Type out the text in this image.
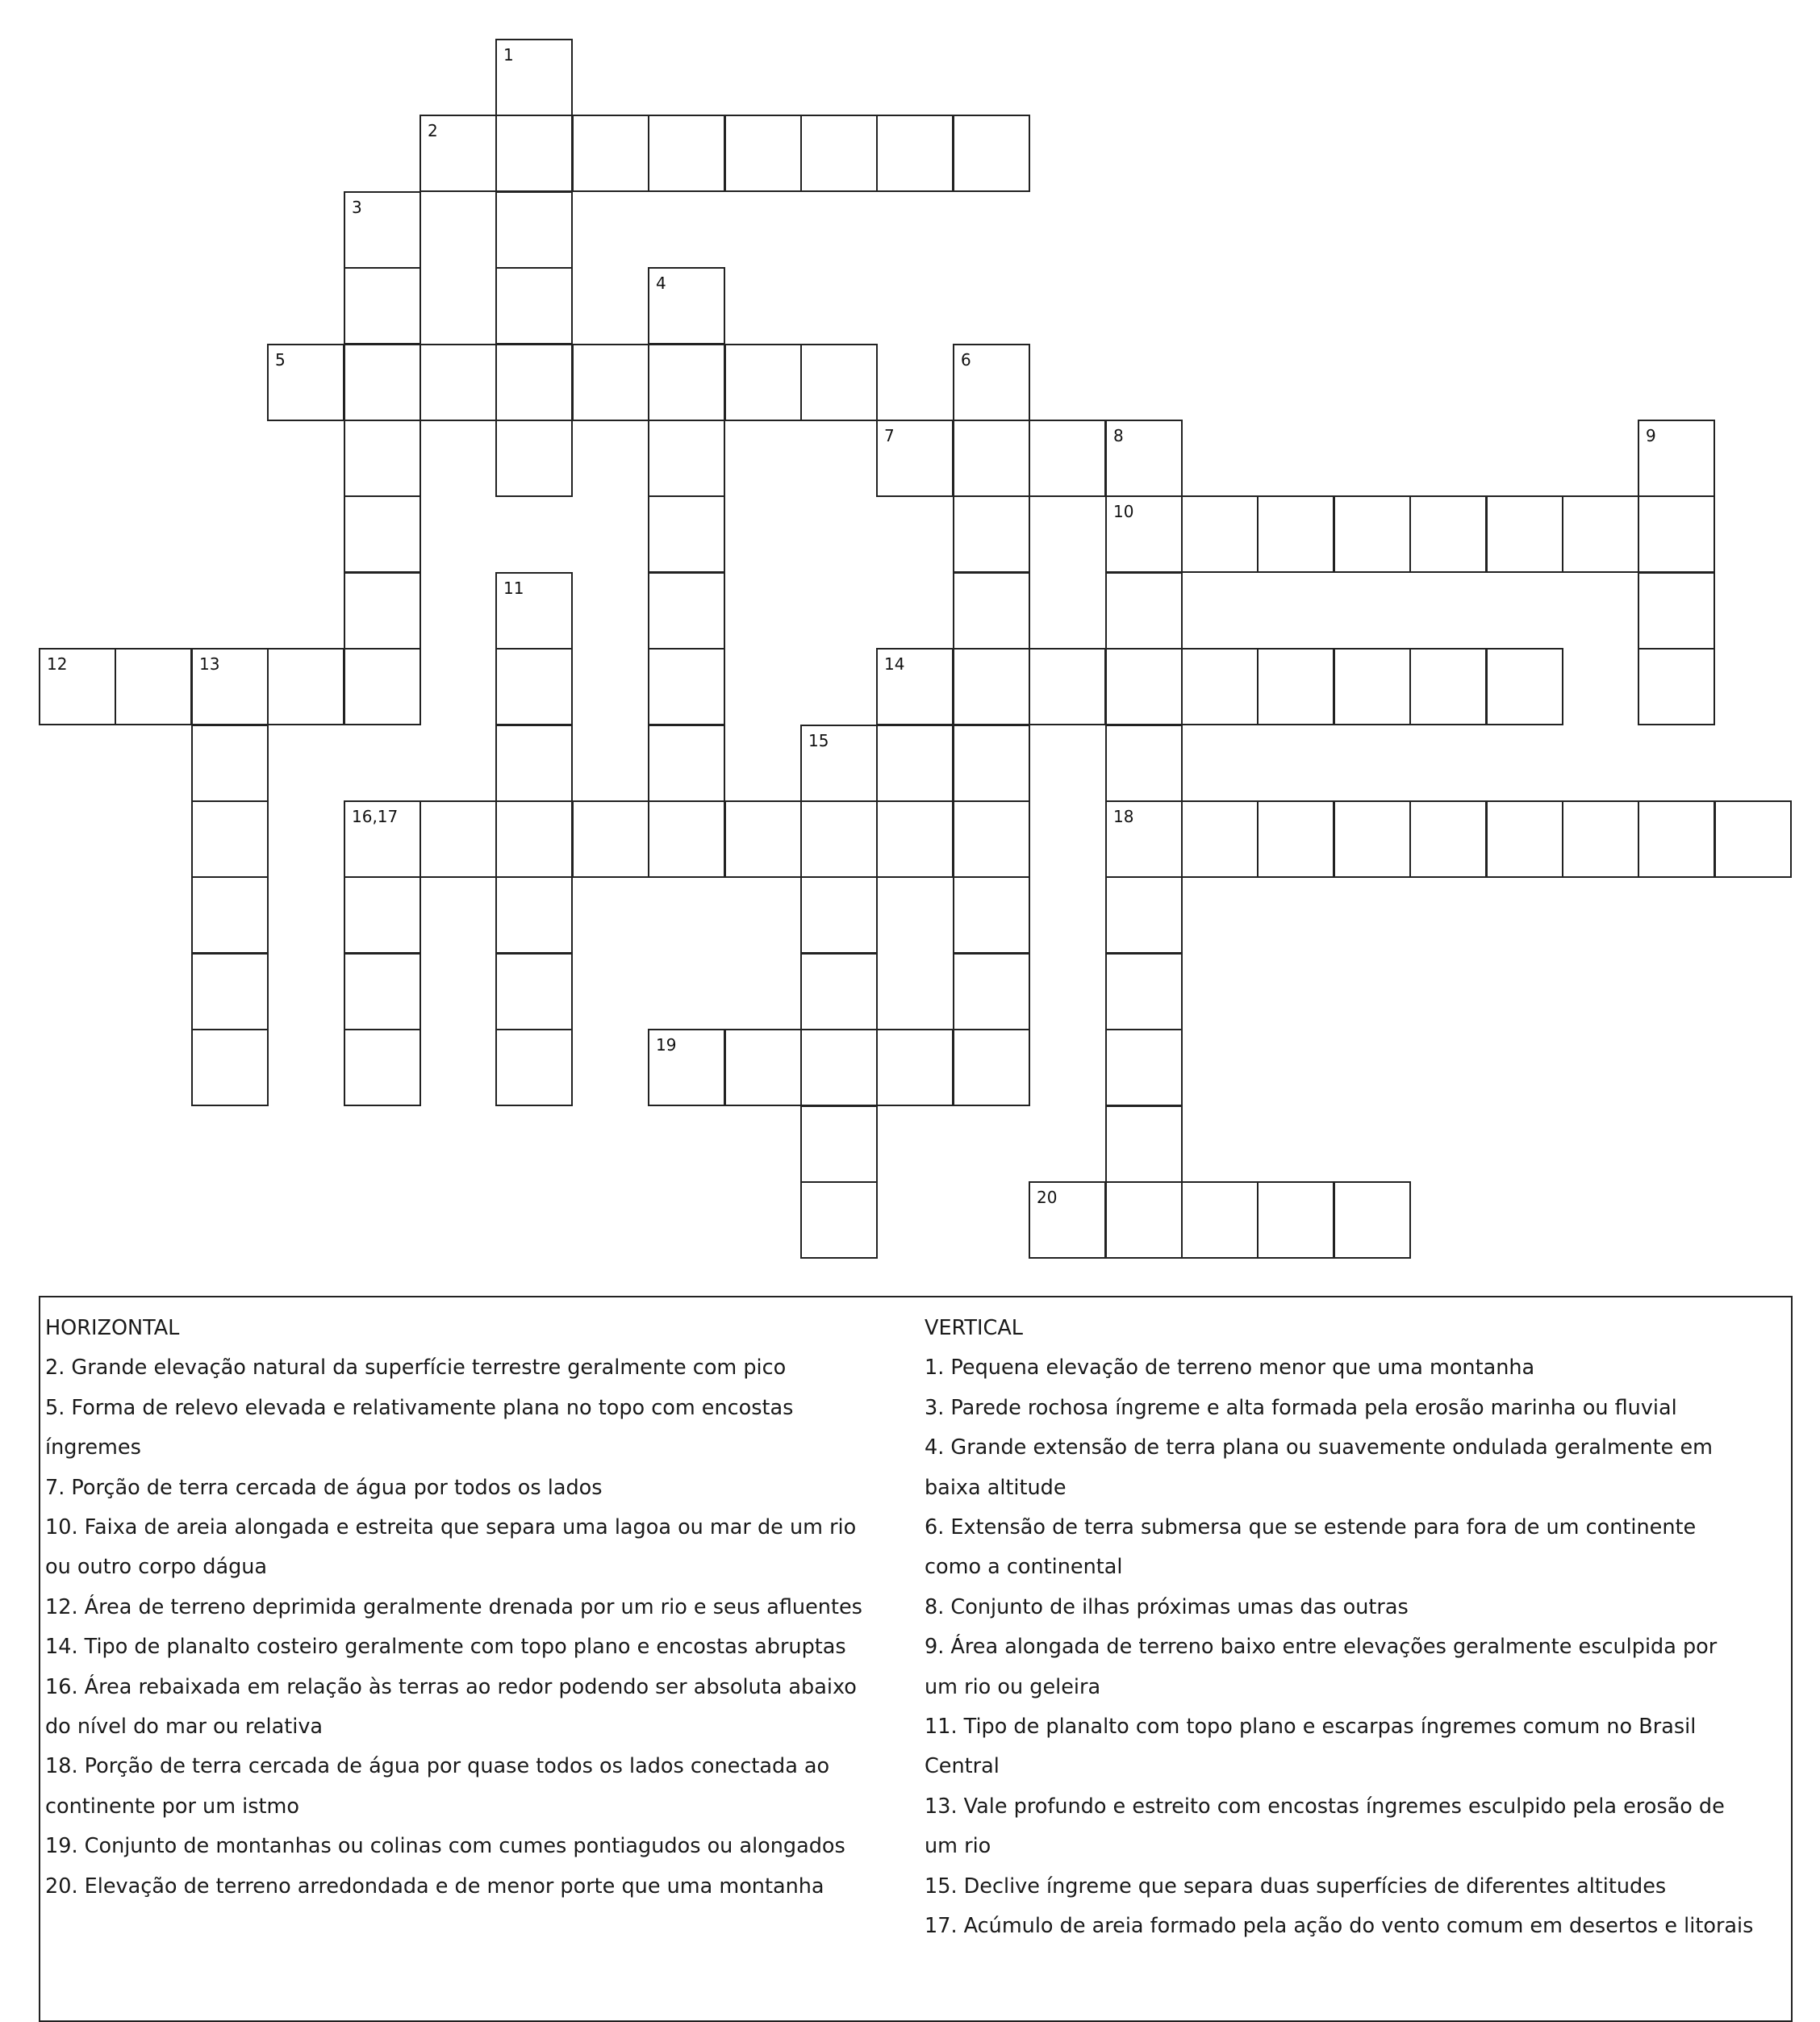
1
2
3
4
5	6
7	8	9
10
11
12	13	14
15
16,17	18
19
20
HORIZONTAL
2. Grande elevação natural da superfície terrestre geralmente com pico
5. Forma de relevo elevada e relativamente plana no topo com encostas
íngremes
7. Porção de terra cercada de água por todos os lados
10. Faixa de areia alongada e estreita que separa uma lagoa ou mar de um rio
ou outro corpo dágua
12. Área de terreno deprimida geralmente drenada por um rio e seus afluentes
14. Tipo de planalto costeiro geralmente com topo plano e encostas abruptas
16. Área rebaixada em relação às terras ao redor podendo ser absoluta abaixo
do nível do mar ou relativa
18. Porção de terra cercada de água por quase todos os lados conectada ao
continente por um istmo
19. Conjunto de montanhas ou colinas com cumes pontiagudos ou alongados
20. Elevação de terreno arredondada e de menor porte que uma montanha
VERTICAL
1. Pequena elevação de terreno menor que uma montanha
3. Parede rochosa íngreme e alta formada pela erosão marinha ou fluvial
4. Grande extensão de terra plana ou suavemente ondulada geralmente em
baixa altitude
6. Extensão de terra submersa que se estende para fora de um continente
como a continental
8. Conjunto de ilhas próximas umas das outras
9. Área alongada de terreno baixo entre elevações geralmente esculpida por
um rio ou geleira
11. Tipo de planalto com topo plano e escarpas íngremes comum no Brasil
Central
13. Vale profundo e estreito com encostas íngremes esculpido pela erosão de
um rio
15. Declive íngreme que separa duas superfícies de diferentes altitudes
17. Acúmulo de areia formado pela ação do vento comum em desertos e litorais
